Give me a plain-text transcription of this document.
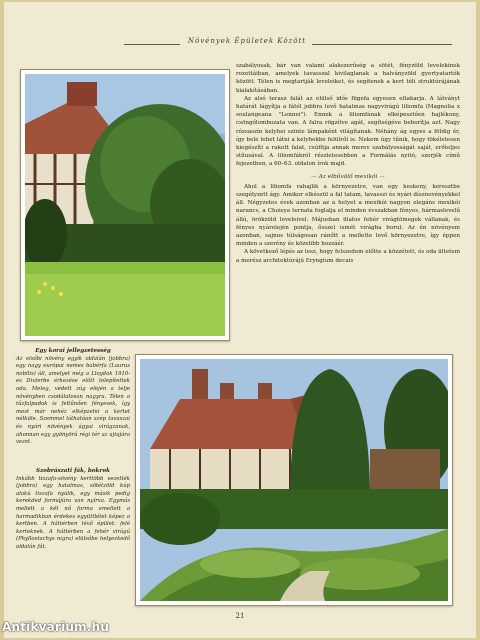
Növények Épületek Között

szabályosak, bár van valami alakszerűség a sötét, fényzöld levelekinek rozettáiban, amelyek tavasszal kivilaglanak a halványzöld gyertyatartók között. Télen is megtartják leveleiket, és segítenek a kert téli struktúrájának kialakításában.

Az alsó terasz falát az elülső idős fügefa egyesen eltakarja. A látványt határát lágyítja a fától jobbra levő hatalmas nagyvirágú liliomfa (Magnolia x soulangeana "Lennei"). Ennek a liliomfának elképesztően hajlékony, csöngőlombozata van. A falra rögzítve agát, segítségéve beborítja azt. Nagy rózsaszín kelyhei szinte lámpaként világítanak. Néhány ág egyes a földig ér, így bele lehet látni a kelyhekbe felülről is. Nekem úgy tűnik, hogy tökéletesen kiegészíti a rakott falat, csúfítja annak merev szabályosságát saját, erőteljes stílusával. A liliomfákról részletesebben a Formálás nyitó, szerjék című fejezetben, a 60–63. oldalon írok majd.

— Az elbűvölő mexikói —

Ahol a liliomfa rahajlik a környezetre, van egy keskeny, keresztbe szegélyzett ágy. Amikor elkészül a fal tatam, tavasszi és nyári dísznovényekkel áll. Négyzetes évek azonban az a helyet a mexikói nagyon elegáns mexikói narancs, a Choisya ternata foglalja el minden évszakban fényes, hármaslevelű állú, örökzöld leveleivel. Májusban illatos fehér virágtömegek vállanak, és fényes nyárelején pontja, ősszel ismét virágba borul. Az én növényem azonban, sajnos túlságosan ránőtt a mellette levő környezetre, így éppen minden a szerény és közelibb hozzáér.

A következő lépés az lesz, hogy felszedem előtte a közzétett, és oda ültetem a merész architektúrájú Eryngium decais

Egy korai jellegzetesség
Az elsőbi növény egyik oldalán (jobbra) egy nagy európai nemes babérfa (Laurus nobilis) áll, amelyet még a Lloydok 1910-es Dixterbe érkezése előtt telepítettek oda. Meleg, védett zúg elején a telje növényben csodálatosan nagyra. Télen a tűzfalpadok is feltűnően fényesek, így most már nehéz elképzelni a kertet nélküle. Szemmel láthatóan szép tavaszai és nyári növények ágyai virágzanak, ahonnan egy gyönyörű régi tér az ajtajára vezet.
Szobrászati fák, bokrok
Inkább tiszafa-sövény kerttöbb vezették (jobbra) egy hatalmas, sötétzöld kúp alakú tiszafa nyúlik, egy másik pedig kerekded formájúra van nyírva. Egymás mellett a két nő forma emellett a harmadikban érdekes együttlétet képez a kertben. A háttérben lévő épület: felé kerteknek. A háttérben a fehér virágú (Phyllostachys nigra) elülsőbe helyezkedő oldalán fát.
21
Antikvarium.hu
